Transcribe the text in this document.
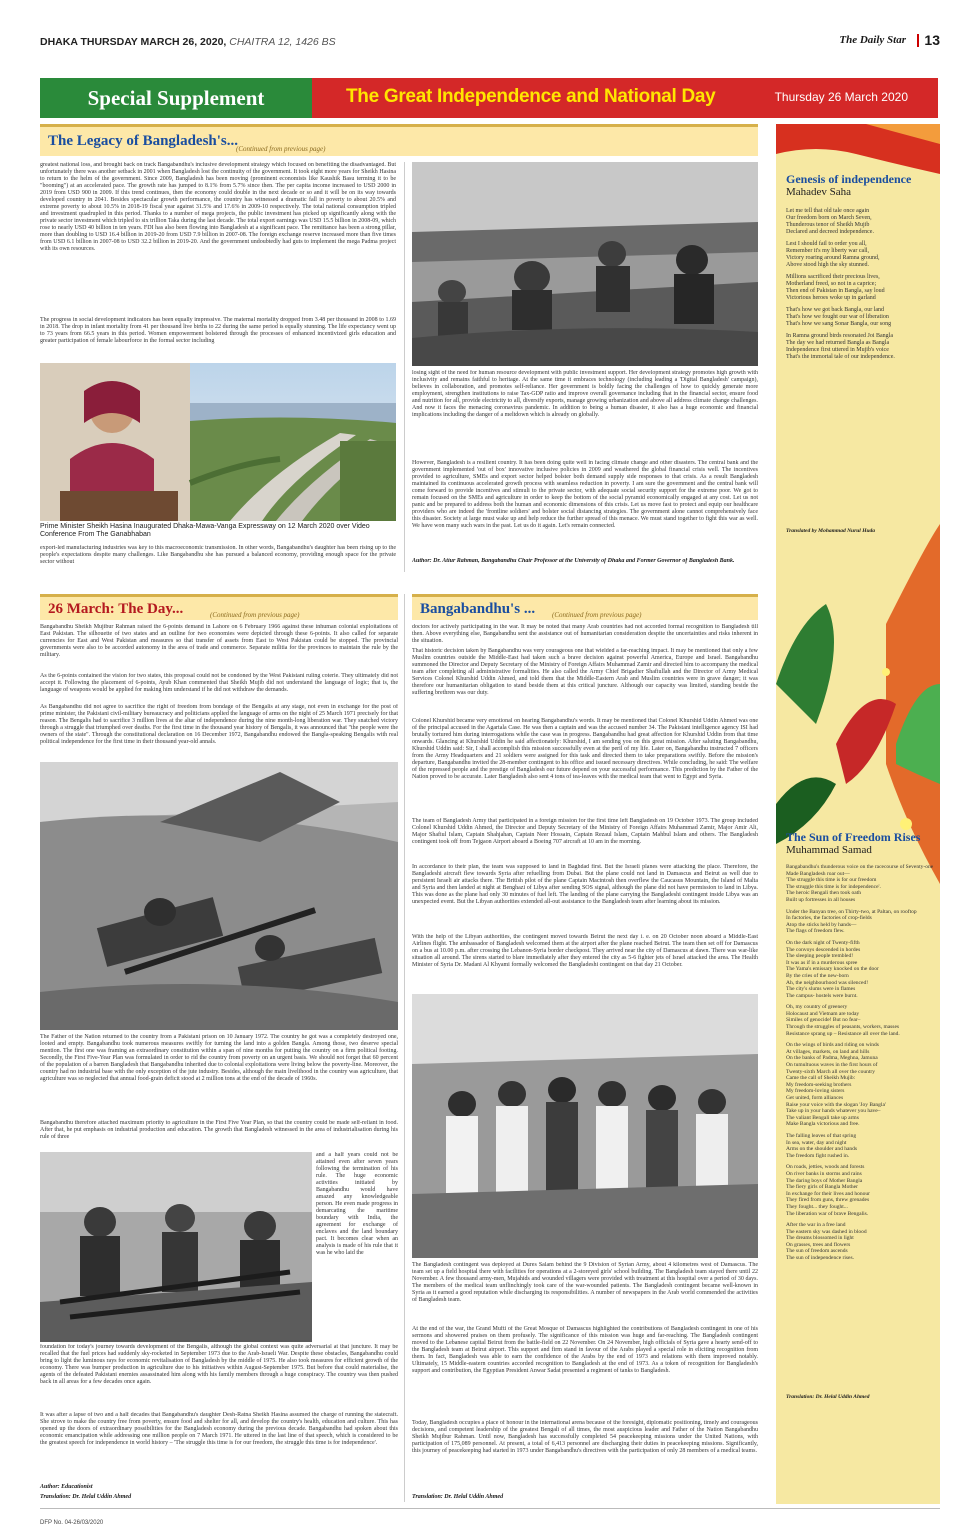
DHAKA THURSDAY MARCH 26, 2020, CHAITRA 12, 1426 BS	The Daily Star	13
Special Supplement	The Great Independence and National Day	Thursday 26 March 2020
The Legacy of Bangladesh's...
(Continued from previous page)
greatest national loss, and brought back on track Bangabandhu's inclusive development strategy which focused on benefiting the disadvantaged. But unfortunately there was another setback in 2001 when Bangladesh lost the continuity of the government. It took eight more years for Sheikh Hasina to return to the helm of the government. Since 2009, Bangladesh has been moving (prominent economists like Kaushik Basu terming it to be "booming") at an accelerated pace. The growth rate has jumped to 8.1% from 5.7% since then. The per capita income increased to USD 2000 in 2019 from USD 900 in 2009. If this trend continues, then the economy could double in the next decade or so and it will be on its way towards developed country in 2041. Besides spectacular growth performance, the country has witnessed a dramatic fall in poverty to about 20.5% and extreme poverty to about 10.5% in 2018-19 fiscal year against 31.5% and 17.6% in 2009-10 respectively. The total national consumption tripled and investment quadrupled in this period. Thanks to a number of mega projects, the public investment has picked up significantly along with the private sector investment which tripled to six trillion Taka during the last decade. The total export earnings was USD 15.5 billion in 2008-09, which rose to nearly USD 40 billion in ten years. FDI has also been flowing into Bangladesh at a significant pace. The remittance has been a strong pillar, more than doubling to USD 16.4 billion in 2019-20 from USD 7.9 billion in 2007-08. The foreign exchange reserve increased more than five times from USD 6.1 billion in 2007-08 to USD 32.2 billion in 2019-20. And the government undoubtedly had guts to implement the mega Padma project with its own resources.
The progress in social development indicators has been equally impressive. The maternal mortality dropped from 3.48 per thousand in 2008 to 1.69 in 2018. The drop in infant mortality from 41 per thousand live births to 22 during the same period is equally stunning. The life expectancy went up to 73 years from 66.5 years in this period. Women empowerment bolstered through the processes of enhanced incentivized girls education and greater participation of female labourforce in the formal sector including
Prime Minister Sheikh Hasina Inaugurated Dhaka-Mawa-Vanga Expressway on 12 March 2020 over Video Conference From The Ganabhaban
export-led manufacturing industries was key to this macroeconomic transmission. In other words, Bangabandhu's daughter has been rising up to the people's expectations despite many challenges. Like Bangabandhu she has pursued a balanced economy, providing enough space for the private sector without
losing sight of the need for human resource development with public investment support. Her development strategy promotes high growth with inclusivity and remains faithful to heritage. At the same time it embraces technology (including leading a 'Digital Bangladesh' campaign), believes in collaboration, and promotes self-reliance. Her government is boldly facing the challenges of how to quickly generate more employment, strengthen institutions to raise Tax-GDP ratio and improve overall governance including that in the financial sector, ensure food and nutrition for all, provide electricity to all, diversify exports, manage growing urbanization and above all address climate change challenges. And now it faces the menacing coronavirus pandemic. In addition to being a human disaster, it also has a huge economic and financial implications including the danger of a meltdown which is already on globally.
However, Bangladesh is a resilient country. It has been doing quite well in facing climate change and other disasters. The central bank and the government implemented 'out of box' innovative inclusive policies in 2009 and weathered the global financial crisis well. The incentives provided to agriculture, SMEs and export sector helped bolster both demand supply side responses to that crisis. As a result Bangladesh maintained its continuous accelerated growth process with seamless reduction in poverty. I am sure the government and the central bank will come forward to provide incentives and stimuli to the private sector, with adequate social security support for the extreme poor. We got to remain focused on the SMEs and agriculture in order to keep the bottom of the social pyramid economically engaged at any cost. Let us not panic and be prepared to address both the human and economic dimensions of this crisis. Let us move fast to protect and equip our healthcare providers who are indeed the 'frontline soldiers' and bolster social distancing strategies. The government alone cannot comprehensively face this disaster. Society at large must wake up and help reduce the further spread of this menace. We must stand together to fight this war as well. We have won many such wars in the past. Let us do it again. Let's remain connected.
Author: Dr. Atiur Rahman, Bangabandhu Chair Professor at the University of Dhaka and Former Governor of Bangladesh Bank.
26 March: The Day...	(Continued from previous page)
Bangabandhu Sheikh Mujibur Rahman raised the 6-points demand in Lahore on 6 February 1966 against these inhuman colonial exploitations of East Pakistan. The silhouette of two states and an outline for two economies were depicted through these 6-points. It also called for separate currencies for East and West Pakistan and measures so that transfer of assets from East to West Pakistan could be stopped. The provincial governments were also to be accorded autonomy in the area of trade and commerce. Separate militia for the provinces to maintain the rule by the military.
As the 6-points contained the vision for two states, this proposal could not be condoned by the West Pakistani ruling coterie. They ultimately did not accept it. Following the placement of 6-points, Ayub Khan commented that Sheikh Mujib did not understand the language of logic; that is, the language of weapons would be applied for making him understand if he did not withdraw the demands.
As Bangabandhu did not agree to sacrifice the right of freedom from bondage of the Bengalis at any stage, not even in exchange for the post of prime minister, the Pakistani civil-military bureaucracy and politicians applied the language of arms on the night of 25 March 1971 precisely for that reason. The Bengalis had to sacrifice 3 million lives at the altar of independence during the nine month-long liberation war. They snatched victory through a struggle that triumphed over deaths. For the first time in the thousand year history of Bengalis, it was announced that "the people were the owners of the state". Through the constitutional declaration on 16 December 1972, Bangabandhu endowed the Bangla-speaking Bengalis with real political independence for the first time in their thousand year-old annals.
The Father of the Nation returned to the country from a Pakistani prison on 10 January 1972. The country he got was a completely destroyed one, looted and empty. Bangabandhu took numerous measures swiftly for turning the land into a golden Bangla. Among those, two deserve special mention. The first one was framing an extraordinary constitution within a span of nine months for putting the country on a firm political footing. Secondly, the First Five-Year Plan was formulated in order to rid the country from poverty on an urgent basis. We should not forget that 60 percent of the population of a barren Bangladesh that Bangabandhu inherited due to colonial exploitations were living below the poverty-line. Moreover, the country had no industrial base with the only exception of the jute industry. Besides, although the main livelihood in the country was agriculture, that agriculture was so neglected that annual food-grain deficit stood at 2 million tons at the end of the decade of 1960s.
Bangabandhu therefore attached maximum priority to agriculture in the First Five Year Plan, so that the country could be made self-reliant in food. After that, he put emphasis on industrial production and education. The growth that Bangladesh witnessed in the area of industrialisation during his rule of three
and a half years could not be attained even after seven years following the termination of his rule. The huge economic activities initiated by Bangabandhu would have amazed any knowledgeable person. He even made progress in demarcating the maritime boundary with India, the agreement for exchange of enclaves and the land boundary pact. It becomes clear when an analysis is made of his rule that it was he who laid the
foundation for today's journey towards development of the Bengalis, although the global context was quite adversarial at that juncture. It may be recalled that the fuel prices had suddenly sky-rocketed in September 1973 due to the Arab-Israeli War. Despite these obstacles, Bangabandhu could bring to light the luminous rays for economic revitalisation of Bangladesh by the middle of 1975. He also took measures for efficient growth of the economy. There was bumper production in agriculture due to his initiatives within August-September 1975. But before that could materialise, the agents of the defeated Pakistani enemies assassinated him along with his family members through a huge conspiracy. The country was then pushed back in all areas for a few decades once again.
It was after a lapse of two and a half decades that Bangabandhu's daughter Desh-Ratna Sheikh Hasina assumed the charge of running the statecraft. She strove to make the country free from poverty, ensure food and shelter for all, and develop the country's health, education and culture. This has opened up the doors of extraordinary possibilities for the Bangladesh economy during the previous decade. Bangabandhu had spoken about this economic emancipation while addressing one million people on 7 March 1971. He uttered in the last line of that speech, which is considered to be the greatest speech for independence in world history – 'The struggle this time is for our freedom, the struggle this time is for independence'.
Author: Educationist
Translation: Dr. Helal Uddin Ahmed
Bangabandhu's ... (Continued from previous page)
doctors for actively participating in the war. It may be noted that many Arab countries had not accorded formal recognition to Bangladesh till then. Above everything else, Bangabandhu sent the assistance out of humanitarian consideration despite the uncertainties and risks inherent in the situation.
That historic decision taken by Bangabandhu was very courageous one that wielded a far-reaching impact. It may be mentioned that only a few Muslim countries outside the Middle-East had taken such a brave decision against powerful America, Europe and Israel. Bangabandhu summoned the Director and Deputy Secretary of the Ministry of Foreign Affairs Muhammad Zamir and directed him to accompany the medical team after completing all administrative formalities. He also called the Army Chief Brigadier Shafiullah and the Director of Army Medical Services Colonel Khurshid Uddin Ahmed, and told them that the Middle-Eastern Arab and Muslim countries were in grave danger; it was therefore our humanitarian obligation to stand beside them at this critical juncture. Although our capacity was limited, standing beside the suffering brethren was our duty.
Colonel Khurshid became very emotional on hearing Bangabandhu's words. It may be mentioned that Colonel Khurshid Uddin Ahmed was one of the principal accused in the Agartala Case. He was then a captain and was the accused number 34. The Pakistani intelligence agency ISI had brutally tortured him during interrogations while the case was in progress. Bangabandhu had great affection for Khurshid Uddin from that time onwards. Glancing at Khurshid Uddin he said affectionately: Khurshid, I am sending you on this great mission. After saluting Bangabandhu, Khurshid Uddin said: Sir, I shall accomplish this mission successfully even at the peril of my life. Later on, Bangabandhu instructed 7 officers from the Army Headquarters and 21 soldiers were assigned for this task and directed them to take preparations swiftly. Before the mission's departure, Bangabandhu invited the 28-member contingent to his office and issued necessary directives. While concluding, he said: The welfare of the repressed people and the prestige of Bangladesh our future depend on your successful performance. This prediction by the Father of the Nation proved to be accurate. Later Bangladesh also sent 4 tons of tea-leaves with the medical team that went to Egypt and Syria.
The team of Bangladesh Army that participated in a foreign mission for the first time left Bangladesh on 19 October 1973. The group included Colonel Khurshid Uddin Ahmed, the Director and Deputy Secretary of the Ministry of Foreign Affairs Muhammad Zamir, Major Amir Ali, Major Shafiul Islam, Captain Shahjahan, Captain Neer Hossain, Captain Rezaul Islam, Captain Mahbul Islam and others. The Bangladesh contingent took off from Tejgaon Airport aboard a Boeing 707 aircraft at 10 am in the morning.
In accordance to their plan, the team was supposed to land in Baghdad first. But the Israeli planes were attacking the place. Therefore, the Bangladeshi aircraft flew towards Syria after refuelling from Dubai. But the plane could not land in Damascus and Beirut as well due to persistent Israeli air attacks there. The British pilot of the plane Captain Macintosh then overflew the Caucasus Mountain, the Island of Malta and Syria and then landed at night at Benghazi of Libya after sending SOS signal, although the plane did not have permission to land in Libya. This was done as the plane had only 30 minutes of fuel left. The landing of the plane carrying the Bangladeshi contingent inside Libya was an unexpected event. But the Libyan authorities extended all-out assistance to the Bangladesh team after learning about its mission.
With the help of the Libyan authorities, the contingent moved towards Beirut the next day i. e. on 20 October noon aboard a Middle-East Airlines flight. The ambassador of Bangladesh welcomed them at the airport after the plane reached Beirut. The team then set off for Damascus on a bus at 10.00 p.m. after crossing the Lebanon-Syria border checkpost. They arrived near the city of Damascus at dawn. There was war-like situation all around. The sirens started to blare immediately after they entered the city as 5-6 fighter jets of Israel attacked the area. The Health Minister of Syria Dr. Madani Al Khyami formally welcomed the Bangladeshi contingent on that day 21 October.
The Bangladesh contingent was deployed at Dures Salam behind the 9 Division of Syrian Army, about 4 kilometres west of Damascus. The team set up a field hospital there with facilities for operations at a 2-storeyed girls' school building. The Bangladesh team stayed there until 22 November. A few thousand army-men, Mujahids and wounded villagers were provided with treatment at this hospital over a period of 30 days. The members of the medical team unflinchingly took care of the war-wounded patients. The Bangladesh contingent became well-known in Syria as it earned a good reputation while discharging its responsibilities. A number of newspapers in the Arab world commended the activities of Bangladesh team.
At the end of the war, the Grand Mufti of the Great Mosque of Damascus highlighted the contributions of Bangladesh contingent in one of his sermons and showered praises on them profusely. The significance of this mission was huge and far-reaching. The Bangladesh contingent moved to the Lebanese capital Beirut from the battle-field on 22 November. On 24 November, high officials of Syria gave a hearty send-off to the Bangladesh team at Beirut airport. This support and firm stand in favour of the Arabs played a special role in eliciting recognition from them. In fact, Bangladesh was able to earn the confidence of the Arabs by the end of 1973 and relations with them improved notably. Ultimately, 15 Middle-eastern countries accorded recognition to Bangladesh at the end of 1973. As a token of recognition for Bangladesh's support and contribution, the Egyptian President Anwar Sadat presented a regiment of tanks to Bangladesh.
Today, Bangladesh occupies a place of honour in the international arena because of the foresight, diplomatic positioning, timely and courageous decisions, and competent leadership of the greatest Bengali of all times, the most auspicious leader and Father of the Nation Bangabandhu Sheikh Mujibur Rahman. Until now, Bangladesh has successfully completed 54 peacekeeping missions under the United Nations, with participation of 175,089 personnel. At present, a total of 6,413 personnel are discharging their duties in peacekeeping missions. Significantly, this journey of peacekeeping had started in 1973 under Bangabandhu's directives with the participation of only 28 members of a medical teams.
Translation: Dr. Helal Uddin Ahmed
Genesis of independence
Mahadev Saha

Let me tell that old tale once again
Our freedom born on March Seven,
Thunderous tenor of Sheikh Mujib
Declared and decreed independence.

Lest I should fail to order you all,
Remember it's my liberty war call,
Victory roaring around Ramna ground,
Above stood high the sky stunned.

Millions sacrificed their precious lives,
Motherland freed, so not in a caprice;
Then end of Pakistan in Bangla, say loud
Victorious heroes woke up in garland

That's how we got back Bangla, our land
That's how we fought our war of liberation
That's how we sang Sonar Bangla, our song

In Ramna ground birds resonated Joi Bangla
The day we had returned Bangla as Bangla
Independence first uttered in Mujib's voice
That's the immortal tale of our independence.

Translated by Mohammad Nurul Huda
The Sun of Freedom Rises
Muhammad Samad

Bangabandhu's thunderous voice on the racecourse of Seventy-one
Made Bangladesh roar out—
'The struggle this time is for our freedom
The struggle this time is for independence'.
The heroic Bengali then took oath
Built up fortresses in all houses

Under the Banyan tree, on Thirty-two, at Paltan, on rooftop
In factories, the factories of crop-fields
Atop the sticks held by hands—
The flags of freedom flew.

On the dark night of Twenty-fifth
The convoys descended in hordes
The sleeping people trembled!
It was as if in a murderous spree
The Yama's emissary knocked on the door
By the cries of the new-born
Ah, the neighbourhood was silenced!
The city's slums were in flames
The campus- hostels were burnt.

Oh, my country of greenery
Holocaust and Vietnam are today
Similes of genocide! But no fear–
Through the struggles of peasants, workers, masses
Resistance sprang up – Resistance all over the land.

On the wings of birds and riding on winds
At villages, markets, on land and hills
On the banks of Padma, Meghna, Jamuna
On tumultuous waves in the first hours of
Twenty-sixth March all over the country
Came the call of Sheikh Mujib:
My freedom-seeking brothers
My freedom-loving sisters
Get united, form alliances
Raise your voice with the slogan 'Joy Bangla'
Take up in your hands whatever you have–
The valiant Bengali take up arms
Make Bangla victorious and free.

The falling leaves of that spring
In sea, water, day and night
Arms on the shoulder and hands
The freedom fight rushed in.

On roads, jetties, woods and forests
On river banks in storms and rains
The daring boys of Mother Bangla
The fiery girls of Bangla Mother
In exchange for their lives and honour
They fired from guns, threw grenades
They fought... they fought...
The liberation war of brave Bengalis.

After the war in a free land
The eastern sky was dashed in blood
The dreams blossomed in light
On grasses, trees and flowers
The sun of freedom ascends
The sun of independence rises.

Translation: Dr. Helal Uddin Ahmed
DFP No. 04-26/03/2020
